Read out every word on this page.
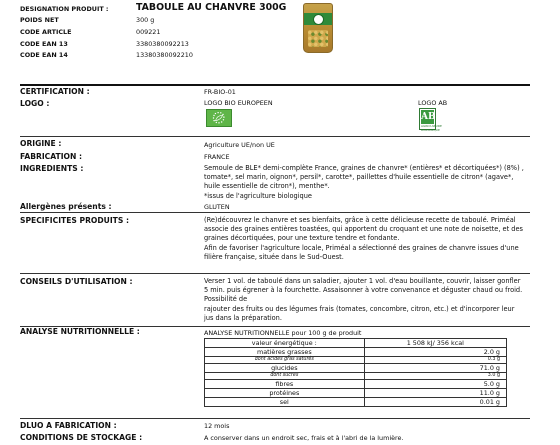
DESIGNATION PRODUIT :	TABOULE AU CHANVRE 300G
POIDS NET	300 g
CODE ARTICLE	009221
CODE EAN 13	3380380092213
CODE EAN 14	13380380092210
CERTIFICATION :	FR-BIO-01
LOGO :	LOGO BIO EUROPEEN	LOGO AB
AB
AGRICULTURE BIOLOGIQUE
ORIGINE :	Agriculture UE/non UE
FABRICATION :	FRANCE
INGREDIENTS :	Semoule de BLE* demi-complète France, graines de chanvre* (entières* et décortiquées*) (8%) ,
tomate*, sel marin, oignon*, persil*, carotte*, paillettes d'huile essentielle de citron* (agave*,
huile essentielle de citron*), menthe*.
*issus de l'agriculture biologique
Allergènes présents :	GLUTEN
SPECIFICITES PRODUITS :	(Re)découvrez le chanvre et ses bienfaits, grâce à cette délicieuse recette de taboulé. Priméal
associe des graines entières toastées, qui apportent du croquant et une note de noisette, et des
graines décortiquées, pour une texture tendre et fondante.
Afin de favoriser l'agriculture locale, Priméal a sélectionné des graines de chanvre issues d'une
filière française, située dans le Sud-Ouest.
CONSEILS D'UTILISATION :	Verser 1 vol. de taboulé dans un saladier, ajouter 1 vol. d'eau bouillante, couvrir, laisser gonfler
5 min. puis égrener à la fourchette. Assaisonner à votre convenance et déguster chaud ou froid.
Possibilité de
rajouter des fruits ou des légumes frais (tomates, concombre, citron, etc.) et d'incorporer leur
jus dans la préparation.
ANALYSE NUTRITIONNELLE :	ANALYSE NUTRITIONNELLE pour 100 g de produit
valeur énergétique :	1 508 kJ/ 356 kcal
matières grasses	2.0 g
dont acides gras saturés	0.3 g
glucides	71.0 g
dont sucres	3.0 g
fibres	5.0 g
protéines	11.0 g
sel	0.01 g
DLUO A FABRICATION :	12 mois
CONDITIONS DE STOCKAGE :	A conserver dans un endroit sec, frais et à l'abri de la lumière.
